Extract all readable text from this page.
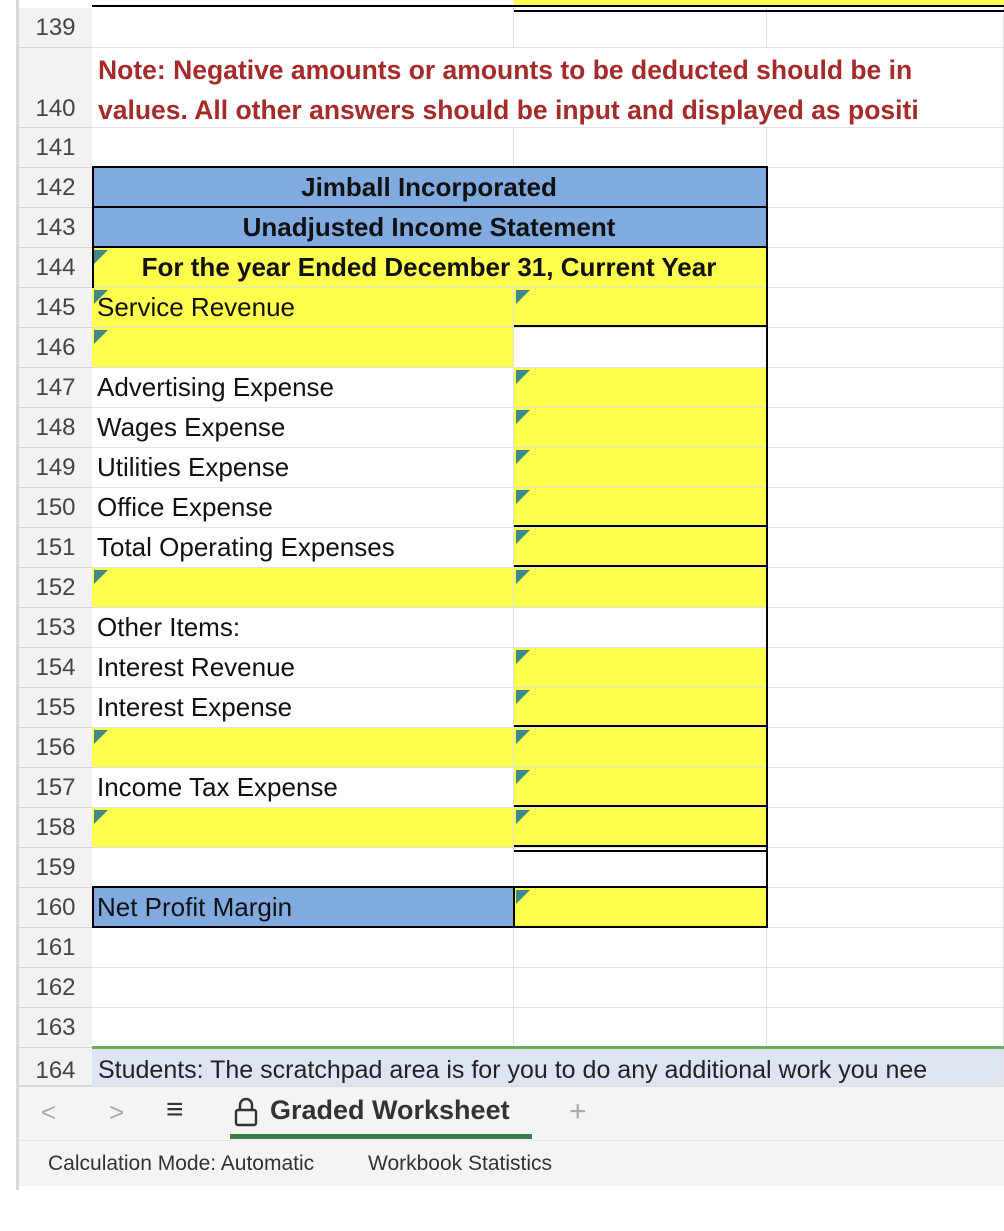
139
140
141
142
143
144
145
146
147
148
149
150
151
152
153
154
155
156
157
158
159
160
161
162
163
164
Note: Negative amounts or amounts to be deducted should be in
values. All other answers should be input and displayed as positi
Jimball Incorporated
Unadjusted Income Statement
For the year Ended December 31, Current Year
Service Revenue
Advertising Expense
Wages Expense
Utilities Expense
Office Expense
Total Operating Expenses
Other Items:
Interest Revenue
Interest Expense
Income Tax Expense
Net Profit Margin
Students: The scratchpad area is for you to do any additional work you nee
< > ≡	Graded Worksheet +
Calculation Mode: Automatic	Workbook Statistics
